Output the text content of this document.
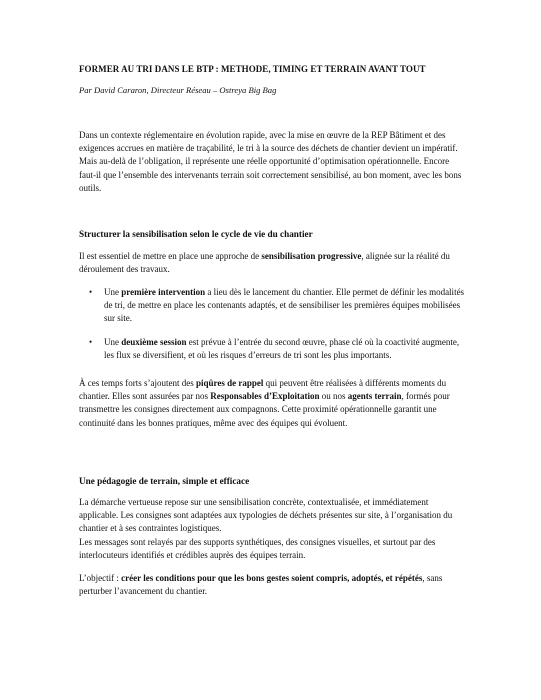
FORMER AU TRI DANS LE BTP : METHODE, TIMING ET TERRAIN AVANT TOUT

Par David Cararon, Directeur Réseau – Ostreya Big Bag

Dans un contexte réglementaire en évolution rapide, avec la mise en œuvre de la REP Bâtiment et des exigences accrues en matière de traçabilité, le tri à la source des déchets de chantier devient un impératif. Mais au-delà de l’obligation, il représente une réelle opportunité d’optimisation opérationnelle. Encore faut-il que l’ensemble des intervenants terrain soit correctement sensibilisé, au bon moment, avec les bons outils.

Structurer la sensibilisation selon le cycle de vie du chantier

Il est essentiel de mettre en place une approche de sensibilisation progressive, alignée sur la réalité du déroulement des travaux.

• Une première intervention a lieu dès le lancement du chantier. Elle permet de définir les modalités de tri, de mettre en place les contenants adaptés, et de sensibiliser les premières équipes mobilisées sur site.
• Une deuxième session est prévue à l’entrée du second œuvre, phase clé où la coactivité augmente, les flux se diversifient, et où les risques d’erreurs de tri sont les plus importants.

À ces temps forts s’ajoutent des piqûres de rappel qui peuvent être réalisées à différents moments du chantier. Elles sont assurées par nos Responsables d’Exploitation ou nos agents terrain, formés pour transmettre les consignes directement aux compagnons. Cette proximité opérationnelle garantit une continuité dans les bonnes pratiques, même avec des équipes qui évoluent.

Une pédagogie de terrain, simple et efficace

La démarche vertueuse repose sur une sensibilisation concrète, contextualisée, et immédiatement applicable. Les consignes sont adaptées aux typologies de déchets présentes sur site, à l’organisation du chantier et à ses contraintes logistiques.

Les messages sont relayés par des supports synthétiques, des consignes visuelles, et surtout par des interlocuteurs identifiés et crédibles auprès des équipes terrain.

L’objectif : créer les conditions pour que les bons gestes soient compris, adoptés, et répétés, sans perturber l’avancement du chantier.
